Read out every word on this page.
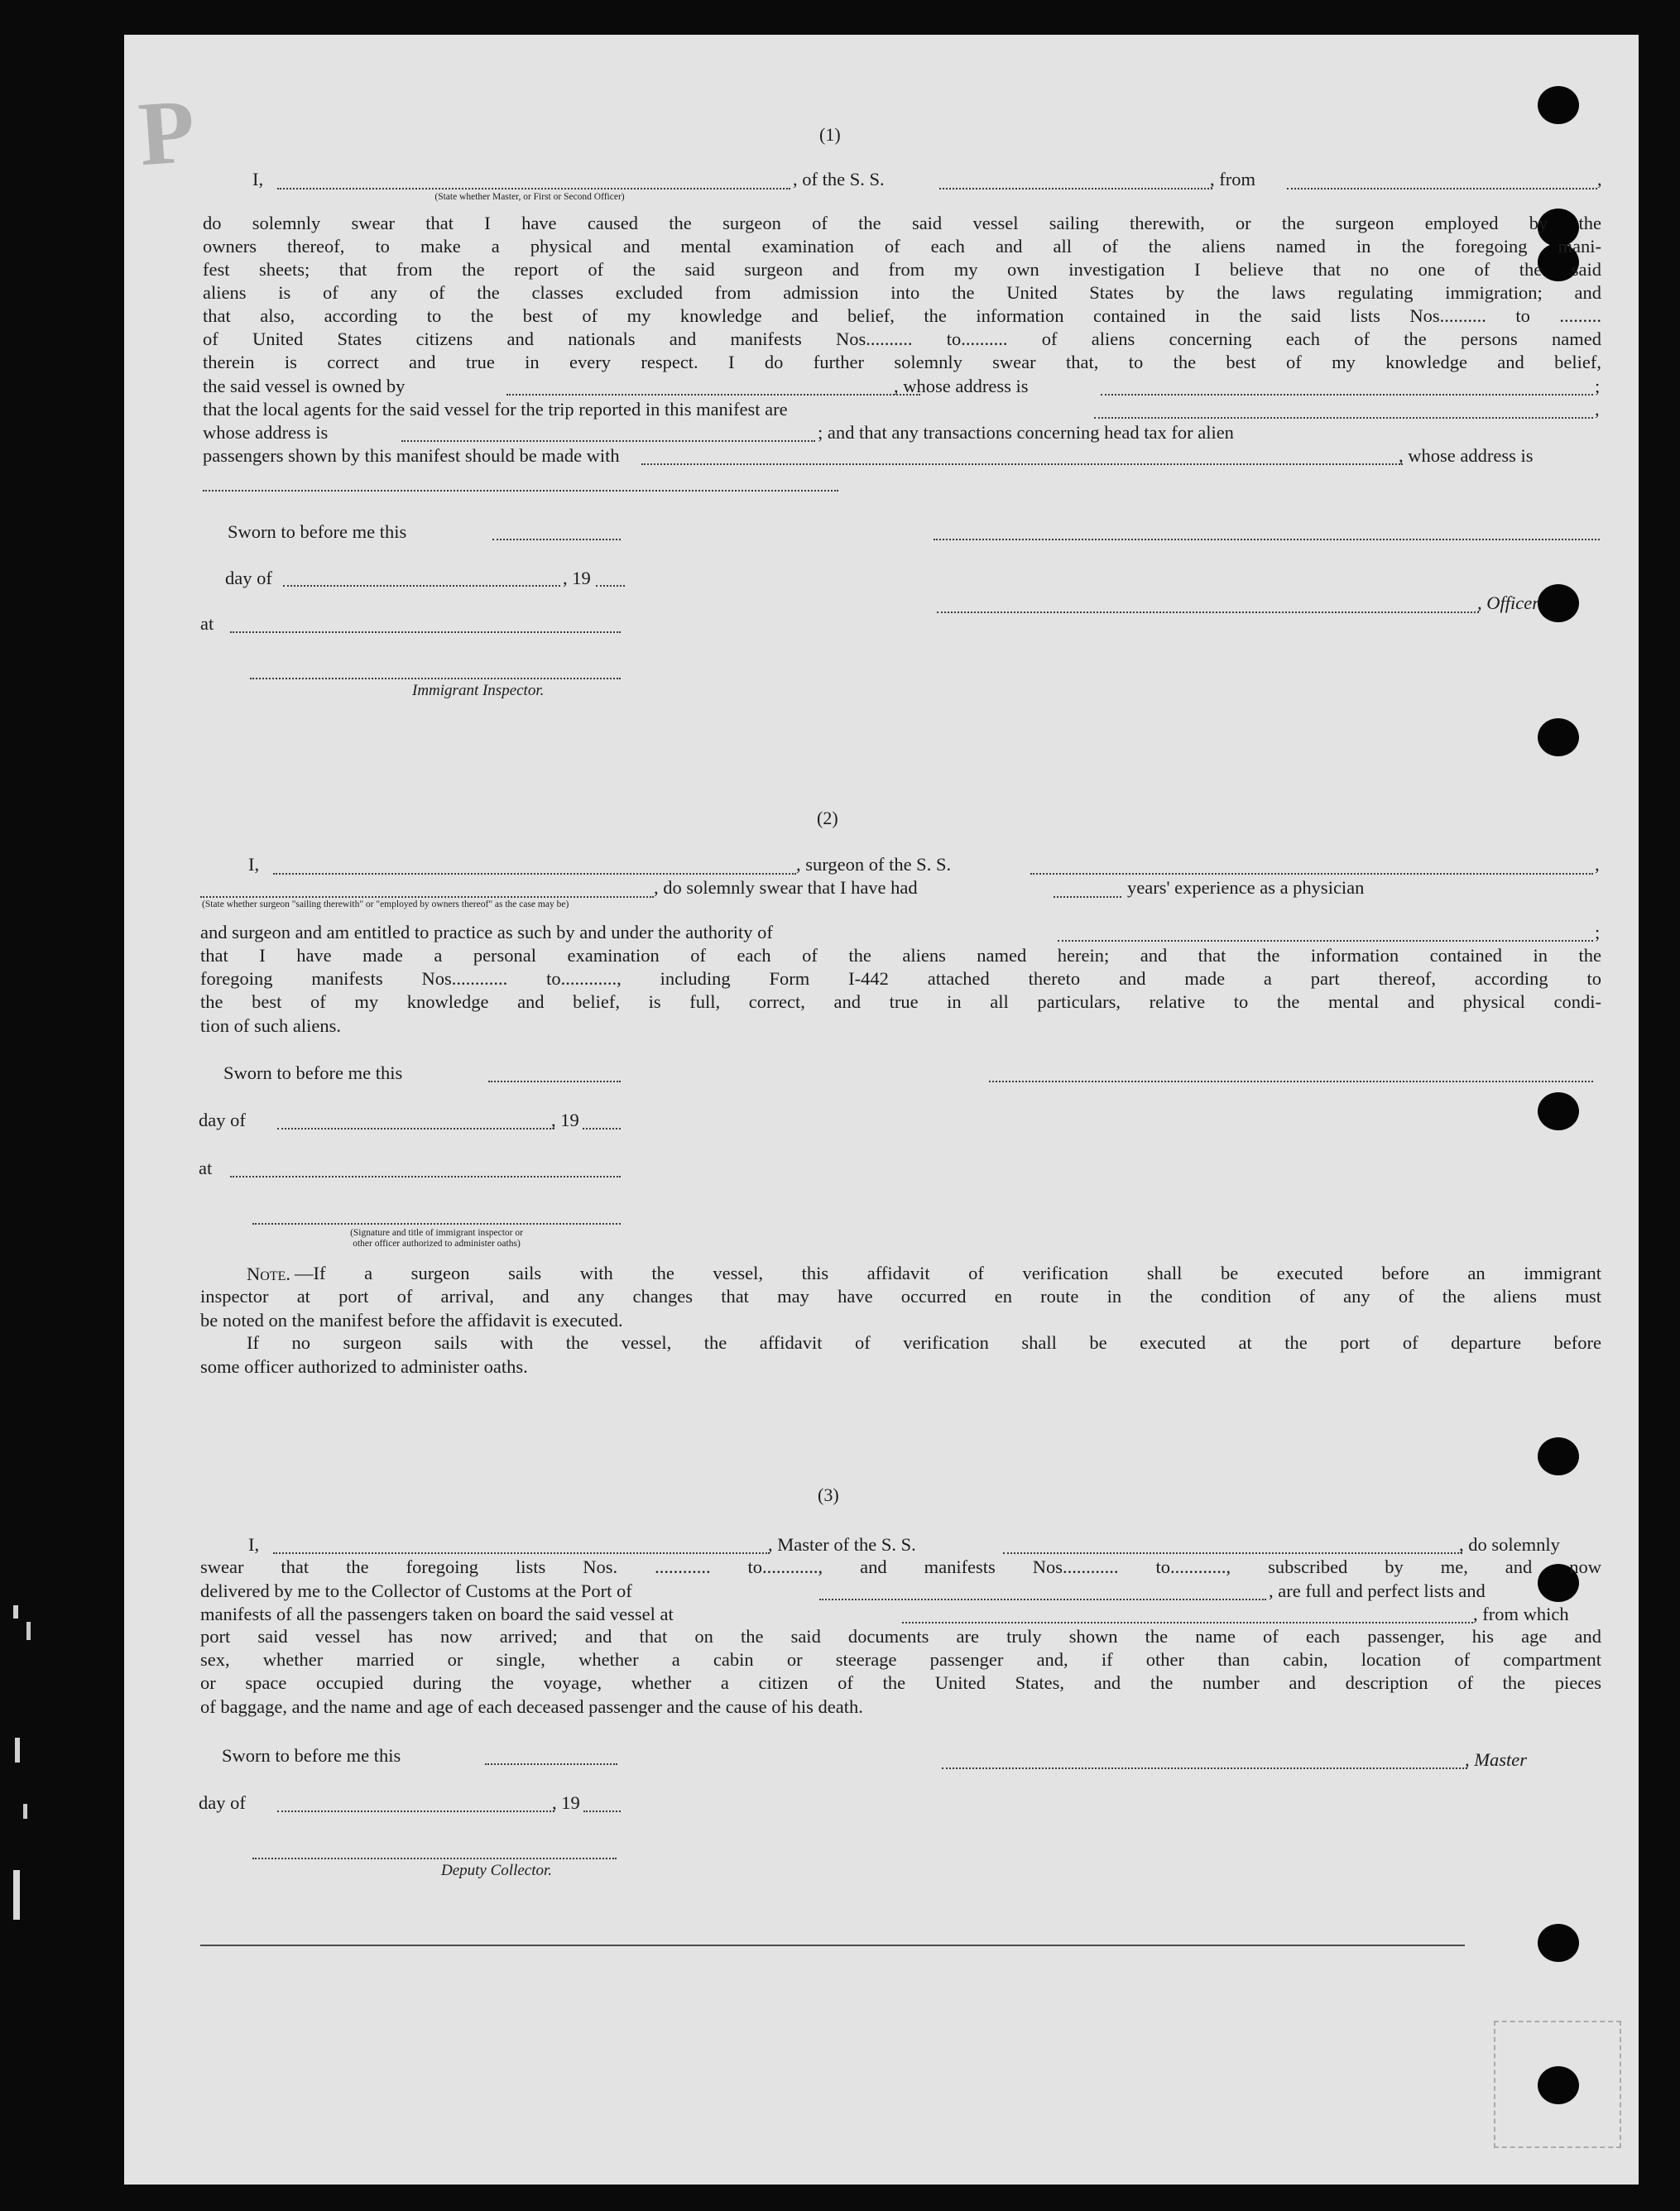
P	(1)
I,
(State whether Master, or First or Second Officer)
, of the S. S.	, from	,
do solemnly swear that I have caused the surgeon of the said vessel sailing therewith, or the surgeon employed by the
owners thereof, to make a physical and mental examination of each and all of the aliens named in the foregoing mani-
fest sheets; that from the report of the said surgeon and from my own investigation I believe that no one of the said
aliens is of any of the classes excluded from admission into the United States by the laws regulating immigration; and
that also, according to the best of my knowledge and belief, the information contained in the said lists Nos.......... to .........
of United States citizens and nationals and manifests Nos.......... to.......... of aliens concerning each of the persons named
therein is correct and true in every respect. I do further solemnly swear that, to the best of my knowledge and belief,
the said vessel is owned by	, whose address is	;
that the local agents for the said vessel for the trip reported in this manifest are	,
whose address is	; and that any transactions concerning head tax for alien
passengers shown by this manifest should be made with	, whose address is
Sworn to before me this
day of	, 19
at
, Officer
Immigrant Inspector.
(2)
I,	, surgeon of the S. S.	,
(State whether surgeon "sailing therewith" or "employed by owners thereof" as the case may be)
, do solemnly swear that I have had	years' experience as a physician
and surgeon and am entitled to practice as such by and under the authority of	;
that I have made a personal examination of each of the aliens named herein; and that the information contained in the
foregoing manifests Nos............ to............, including Form I-442 attached thereto and made a part thereof, according to
the best of my knowledge and belief, is full, correct, and true in all particulars, relative to the mental and physical condi-
tion of such aliens.
Sworn to before me this
day of	, 19
at
(Signature and title of immigrant inspector or
other officer authorized to administer oaths)
Note. —If a surgeon sails with the vessel, this affidavit of verification shall be executed before an immigrant
inspector at port of arrival, and any changes that may have occurred en route in the condition of any of the aliens must
be noted on the manifest before the affidavit is executed.
If no surgeon sails with the vessel, the affidavit of verification shall be executed at the port of departure before
some officer authorized to administer oaths.
(3)
I,	, Master of the S. S.	, do solemnly
swear that the foregoing lists Nos. ............ to............, and manifests Nos............ to............, subscribed by me, and now
delivered by me to the Collector of Customs at the Port of	, are full and perfect lists and
manifests of all the passengers taken on board the said vessel at	, from which
port said vessel has now arrived; and that on the said documents are truly shown the name of each passenger, his age and
sex, whether married or single, whether a cabin or steerage passenger and, if other than cabin, location of compartment
or space occupied during the voyage, whether a citizen of the United States, and the number and description of the pieces
of baggage, and the name and age of each deceased passenger and the cause of his death.
Sworn to before me this	, Master
day of	, 19
Deputy Collector.
